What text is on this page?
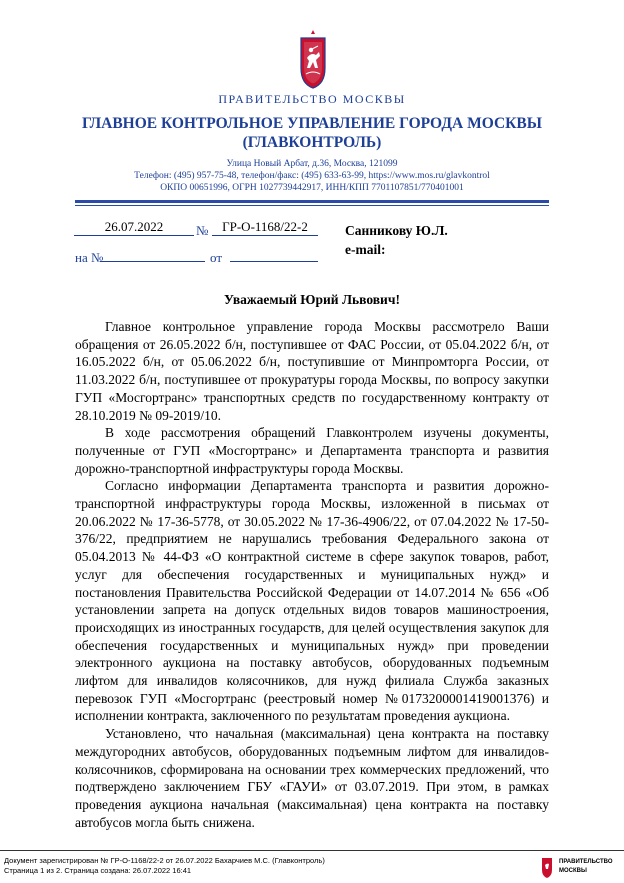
ПРАВИТЕЛЬСТВО МОСКВЫ
ГЛАВНОЕ КОНТРОЛЬНОЕ УПРАВЛЕНИЕ ГОРОДА МОСКВЫ
(ГЛАВКОНТРОЛЬ)
Улица Новый Арбат, д.36, Москва, 121099
Телефон: (495) 957-75-48, телефон/факс: (495) 633-63-99, https://www.mos.ru/glavkontrol
ОКПО 00651996, ОГРН 1027739442917, ИНН/КПП 7701107851/770401001
26.07.2022	№	ГР-О-1168/22-2
на №	от
Санникову Ю.Л.
e-mail:
Уважаемый Юрий Львович!

Главное контрольное управление города Москвы рассмотрело Ваши обращения от 26.05.2022 б/н, поступившее от ФАС России, от 05.04.2022 б/н, от 16.05.2022 б/н, от 05.06.2022 б/н, поступившие от Минпромторга России, от 11.03.2022 б/н, поступившее от прокуратуры города Москвы, по вопросу закупки ГУП «Мосгортранс» транспортных средств по государственному контракту от 28.10.2019 № 09-2019/10.

В ходе рассмотрения обращений Главконтролем изучены документы, полученные от ГУП «Мосгортранс» и Департамента транспорта и развития дорожно-транспортной инфраструктуры города Москвы.

Согласно информации Департамента транспорта и развития дорожно-транспортной инфраструктуры города Москвы, изложенной в письмах от 20.06.2022 № 17-36-5778, от 30.05.2022 № 17-36-4906/22, от 07.04.2022 № 17-50-376/22, предприятием не нарушались требования Федерального закона от 05.04.2013 № 44-ФЗ «О контрактной системе в сфере закупок товаров, работ, услуг для обеспечения государственных и муниципальных нужд» и постановления Правительства Российской Федерации от 14.07.2014 № 656 «Об установлении запрета на допуск отдельных видов товаров машиностроения, происходящих из иностранных государств, для целей осуществления закупок для обеспечения государственных и муниципальных нужд» при проведении электронного аукциона на поставку автобусов, оборудованных подъемным лифтом для инвалидов колясочников, для нужд филиала Служба заказных перевозок ГУП «Мосгортранс (реестровый номер №0173200001419001376) и исполнении контракта, заключенного по результатам проведения аукциона.

Установлено, что начальная (максимальная) цена контракта на поставку междугородних автобусов, оборудованных подъемным лифтом для инвалидов-колясочников, сформирована на основании трех коммерческих предложений, что подтверждено заключением ГБУ «ГАУИ» от 03.07.2019. При этом, в рамках проведения аукциона начальная (максимальная) цена контракта на поставку автобусов могла быть снижена.

Документ зарегистрирован № ГР-О-1168/22-2 от 26.07.2022 Бахарчиев М.С. (Главконтроль)
Страница 1 из 2. Страница создана: 26.07.2022 16:41
ПРАВИТЕЛЬСТВО
МОСКВЫ
